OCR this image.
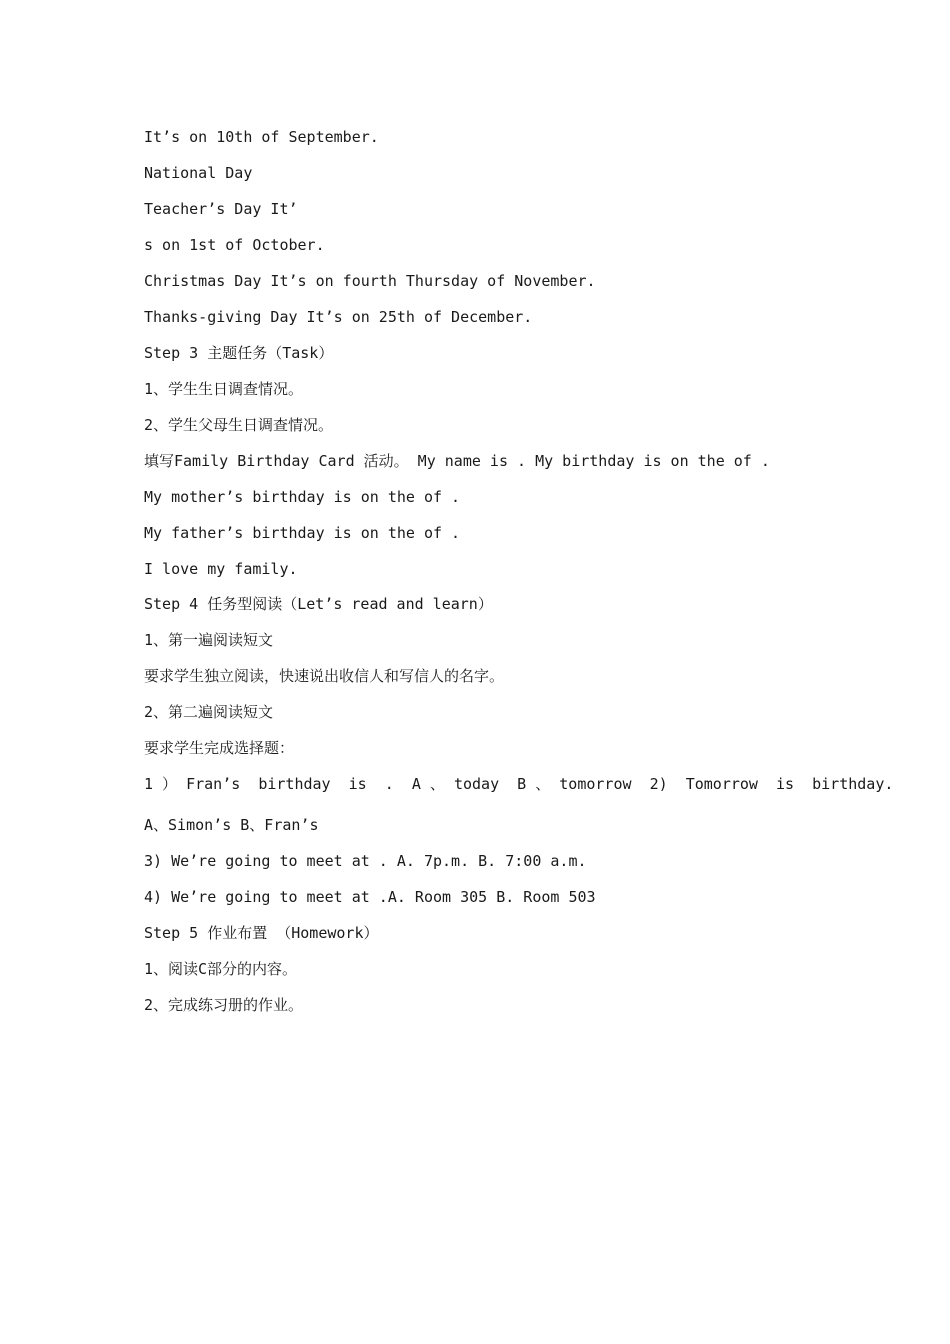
It’s on 10th of September.
National Day
Teacher’s Day It’
s on 1st of October.
Christmas Day It’s on fourth Thursday of November.
Thanks-giving Day It’s on 25th of December.
Step 3 主题任务（Task）
1、学生生日调查情况。
2、学生父母生日调查情况。
填写Family Birthday Card 活动。 My name is . My birthday is on the of .
My mother’s birthday is on the of .
My father’s birthday is on the of .
I love my family.
Step 4 任务型阅读（Let’s read and learn）
1、第一遍阅读短文
要求学生独立阅读，快速说出收信人和写信人的名字。
2、第二遍阅读短文
要求学生完成选择题：
1 ） Fran’s  birthday  is  .  A 、 today  B 、 tomorrow  2)  Tomorrow  is  birthday.
A、Simon’s B、Fran’s
3) We’re going to meet at . A. 7p.m. B. 7:00 a.m.
4) We’re going to meet at .A. Room 305 B. Room 503
Step 5 作业布置 （Homework）
1、阅读C部分的内容。
2、完成练习册的作业。
